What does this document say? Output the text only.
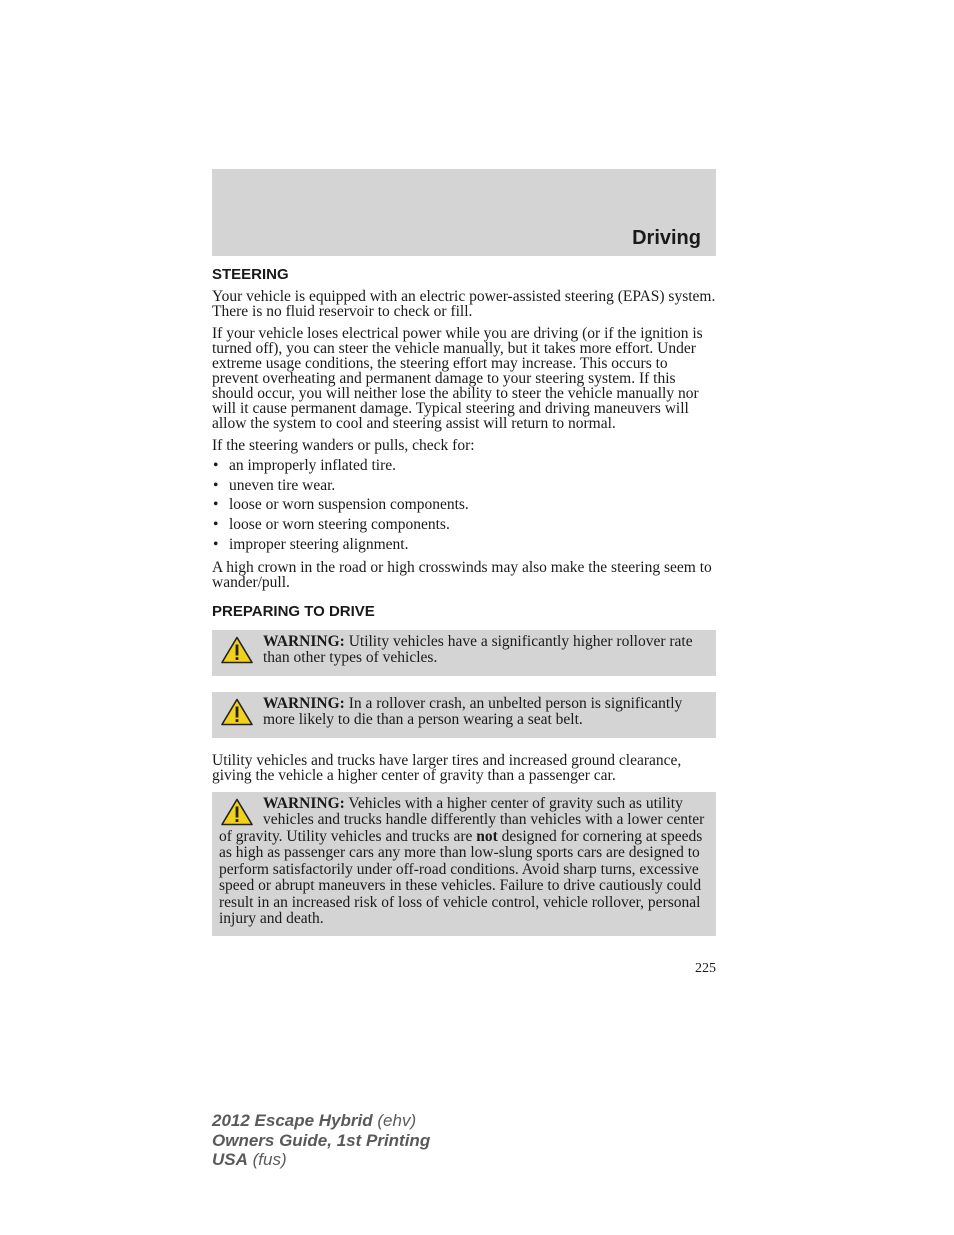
Driving
STEERING

Your vehicle is equipped with an electric power-assisted steering (EPAS) system. There is no fluid reservoir to check or fill.

If your vehicle loses electrical power while you are driving (or if the ignition is turned off), you can steer the vehicle manually, but it takes more effort. Under extreme usage conditions, the steering effort may increase. This occurs to prevent overheating and permanent damage to your steering system. If this should occur, you will neither lose the ability to steer the vehicle manually nor will it cause permanent damage. Typical steering and driving maneuvers will allow the system to cool and steering assist will return to normal.

If the steering wanders or pulls, check for:

• an improperly inflated tire.
• uneven tire wear.
• loose or worn suspension components.
• loose or worn steering components.
• improper steering alignment.

A high crown in the road or high crosswinds may also make the steering seem to wander/pull.

PREPARING TO DRIVE
WARNING: Utility vehicles have a significantly higher rollover rate than other types of vehicles.
WARNING: In a rollover crash, an unbelted person is significantly more likely to die than a person wearing a seat belt.

Utility vehicles and trucks have larger tires and increased ground clearance, giving the vehicle a higher center of gravity than a passenger car.

WARNING: Vehicles with a higher center of gravity such as utility vehicles and trucks handle differently than vehicles with a lower center of gravity. Utility vehicles and trucks are not designed for cornering at speeds as high as passenger cars any more than low-slung sports cars are designed to perform satisfactorily under off-road conditions. Avoid sharp turns, excessive speed or abrupt maneuvers in these vehicles. Failure to drive cautiously could result in an increased risk of loss of vehicle control, vehicle rollover, personal injury and death.
225
2012 Escape Hybrid (ehv)
Owners Guide, 1st Printing
USA (fus)
